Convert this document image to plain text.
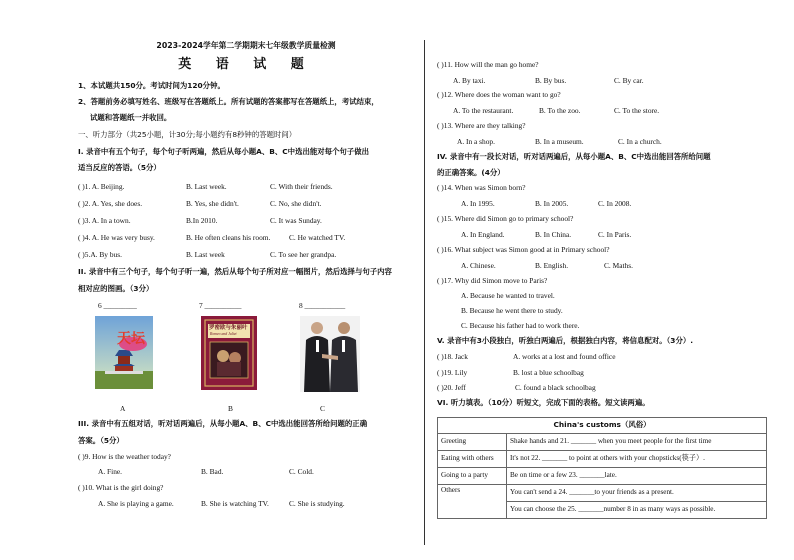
2023-2024学年第二学期期末七年级教学质量检测
英 语 试 题
1、本试题共150分。考试时间为120分钟。
2、答题前务必填写姓名、班级写在答题纸上。所有试题的答案都写在答题纸上，考试结束，
试题和答题纸一并收回。
一、听力部分（共25小题，计30分;每小题约有8秒钟的答题时间）
I. 录音中有五个句子，每个句子听两遍，然后从每小题A、B、C中选出能对每个句子做出
适当反应的答语。（5分）
( )1. A. Beijing.	B. Last week.	C. With their friends.
( )2. A. Yes, she does.	B. Yes, she didn't.	C. No, she didn't.
( )3. A. In a town.	B.In 2010.	C. It was Sunday.
( )4. A. He was very busy.	B. He often cleans his room.	C. He watched TV.
( )5.A. By bus.	B. Last week	C. To see her grandpa.
II. 录音中有三个句子，每个句子听一遍，然后从每个句子所对应一幅图片，然后选择与句子内容
相对应的图画。（3分）
6 _________	7 __________	8 ___________
天坛
罗密欧与朱丽叶
Romeo and Juliet
A	B	C
III. 录音中有五组对话，听对话两遍后，从每小题A、B、C中选出能回答所给问题的正确
答案。（5分）
( )9. How is the weather today?
A. Fine.	B. Bad.	C. Cold.
( )10. What is the girl doing?
A. She is playing a game.	B. She is watching TV.	C. She is studying.
( )11. How will the man go home?
A. By taxi.	B. By bus.	C. By car.
( )12. Where does the woman want to go?
A. To the restaurant.	B. To the zoo.	C. To the store.
( )13. Where are they talking?
A. In a shop.	B. In a museum.	C. In a church.
IV. 录音中有一段长对话，听对话两遍后，从每小题A、B、C中选出能回答所给问题
的正确答案。(4分）
( )14. When was Simon born?
A. In 1995.	B. In 2005.	C. In 2008.
( )15. Where did Simon go to primary school?
A. In England.	B. In China.	C. In Paris.
( )16. What subject was Simon good at in Primary school?
A. Chinese.	B. English.	C. Maths.
( )17. Why did Simon move to Paris?
A. Because he wanted to travel.
B. Because he went there to study.
C. Because his father had to work there.
V. 录音中有3小段独白，听独白两遍后，根据独白内容，将信息配对。（3分）.
( )18. Jack	A. works at a lost and found office
( )19. Lily	B. lost a blue schoolbag
( )20. Jeff	C. found a black schoolbag
VI. 听力填表。（10分）听短文，完成下面的表格。短文读两遍。
China's customs（风俗）	
Greeting	Shake hands and 21. _______ when you meet people for the first time
Eating with others	It's not 22. _______ to point at others with your chopsticks(筷子）.
Going to a party	Be on time or a few 23. _______late.
Others	You can't send a 24. _______to your friends as a present.
	You can choose the 25. _______number 8 in as many ways as possible.
